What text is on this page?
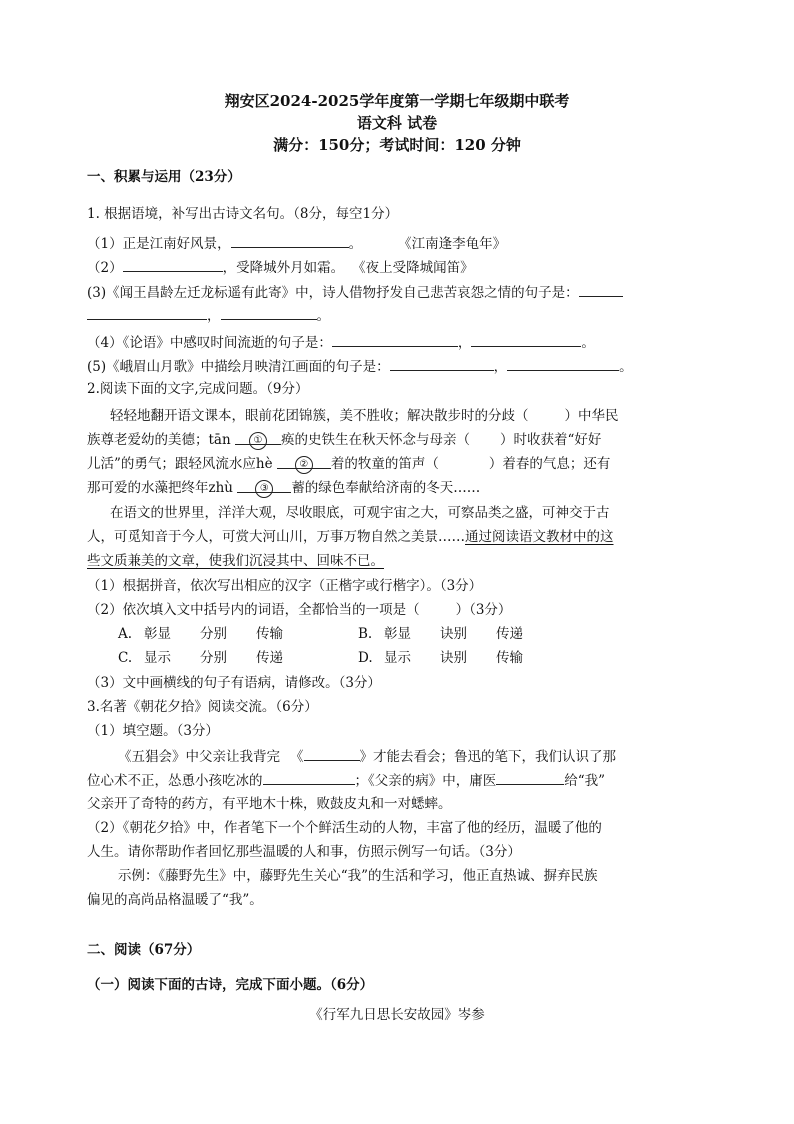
翔安区2024-2025学年度第一学期七年级期中联考
语文科 试卷
满分：150分；考试时间：120 分钟
一、积累与运用（23分）
1. 根据语境，补写出古诗文名句。（8分，每空1分）
（1）正是江南好风景，	。	《江南逢李龟年》
（2）	，受降城外月如霜。 《夜上受降城闻笛》
(3)《闻王昌龄左迁龙标遥有此寄》中，诗人借物抒发自己悲苦哀怨之情的句子是：
，	。
（4）《论语》中感叹时间流逝的句子是：	，	。
(5)《峨眉山月歌》中描绘月映清江画面的句子是：	，	。
2.阅读下面的文字,完成问题。（9分）
轻轻地翻开语文课本，眼前花团锦簇，美不胜收；解决散步时的分歧（	）中华民
族尊老爱幼的美德；tān ① 痪的史铁生在秋天怀念与母亲（ ）时收获着“好好
儿活”的勇气；跟轻风流水应hè	② 着的牧童的笛声（	）着春的气息；还有
那可爱的水藻把终年zhù	③ 蓄的绿色奉献给济南的冬天……
在语文的世界里，洋洋大观，尽收眼底，可观宇宙之大，可察品类之盛，可神交于古
人，可觅知音于今人，可赏大河山川，万事万物自然之美景……通过阅读语文教材中的这
些文质兼美的文章，使我们沉浸其中、回味不已。
（1）根据拼音，依次写出相应的汉字（正楷字或行楷字）。（3分）
（2）依次填入文中括号内的词语，全都恰当的一项是（	）（3分）
A. 彰显 分别 传输	B. 彰显 诀别 传递
C. 显示 分别 传递	D. 显示 诀别 传输
（3）文中画横线的句子有语病，请修改。（3分）
3.名著《朝花夕拾》阅读交流。（6分）
（1）填空题。（3分）
《五猖会》中父亲让我背完 《	》才能去看会；鲁迅的笔下，我们认识了那
位心术不正，怂恿小孩吃冰的	；《父亲的病》中，庸医	给“我”
父亲开了奇特的药方，有平地木十株，败鼓皮丸和一对蟋蟀。
（2）《朝花夕拾》中，作者笔下一个个鲜活生动的人物，丰富了他的经历，温暖了他的
人生。请你帮助作者回忆那些温暖的人和事，仿照示例写一句话。（3分）
示例：《藤野先生》中，藤野先生关心“我”的生活和学习，他正直热诚、摒弃民族
偏见的高尚品格温暖了“我”。
二、阅读（67分）
（一）阅读下面的古诗，完成下面小题。（6分）
《行军九日思长安故园》岑参
